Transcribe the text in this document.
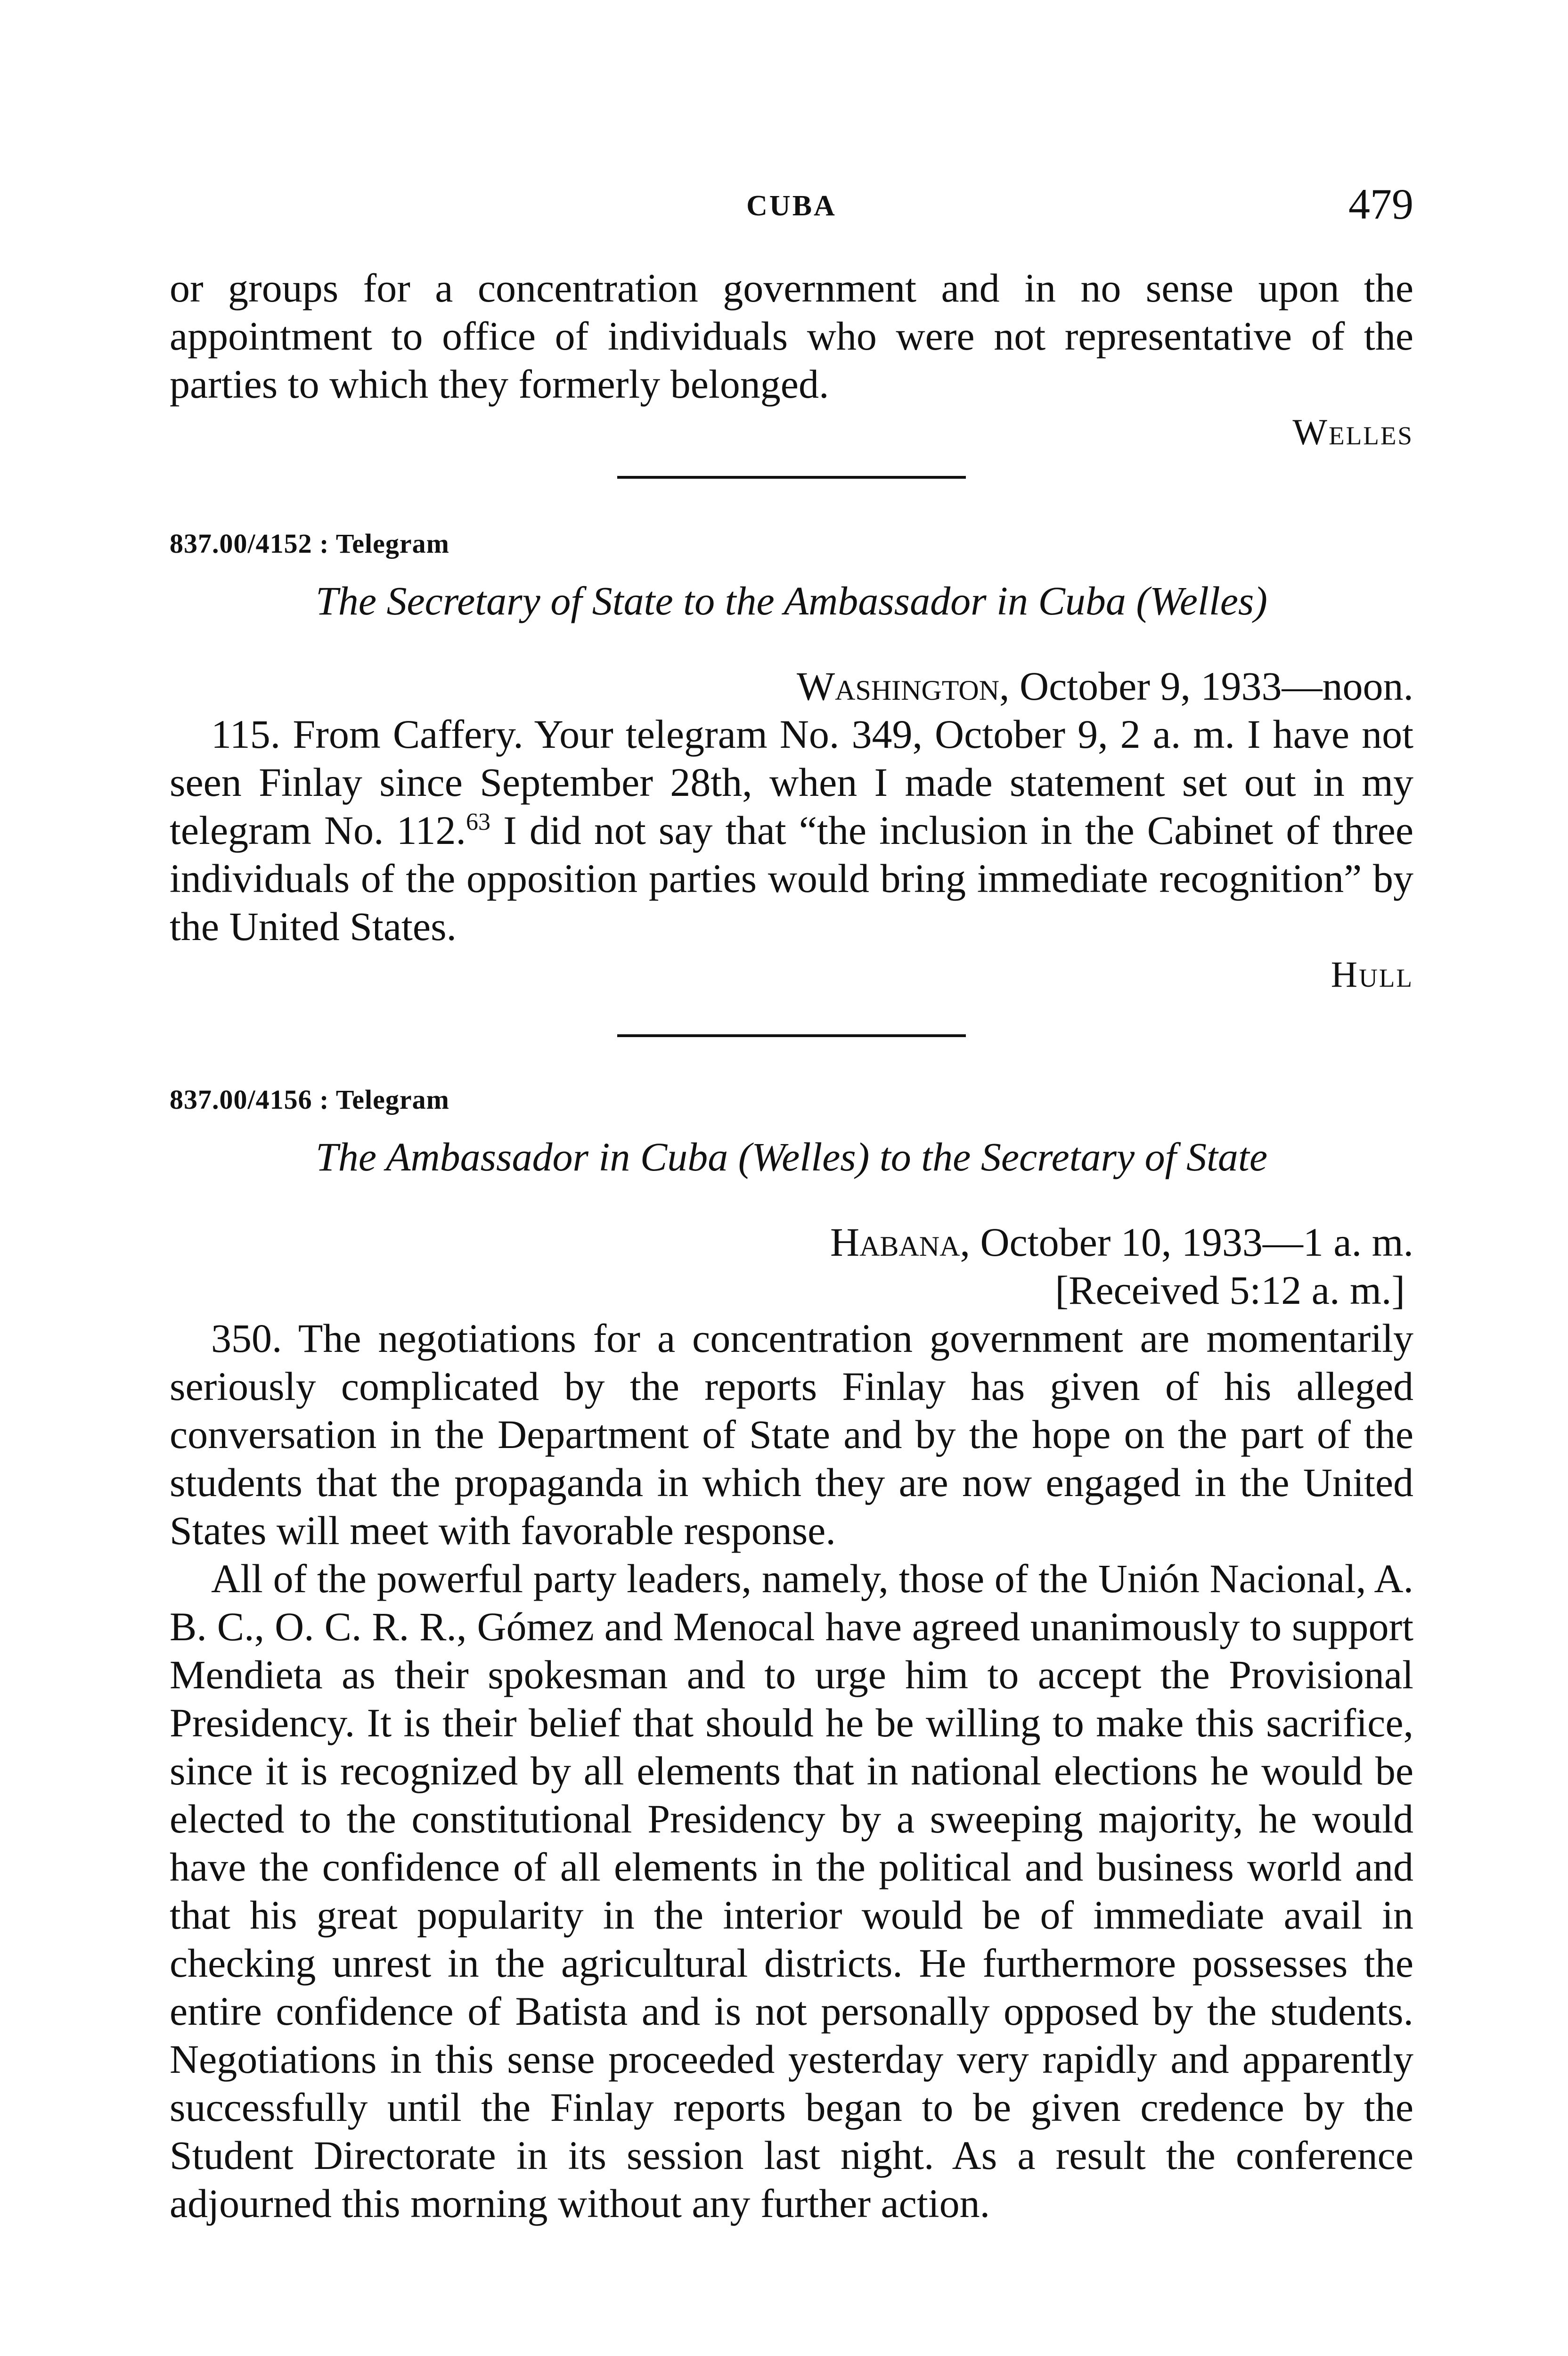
CUBA	479

or groups for a concentration government and in no sense upon the appointment to office of individuals who were not representative of the parties to which they formerly belonged.

Welles

837.00/4152 : Telegram

The Secretary of State to the Ambassador in Cuba (Welles)

Washington, October 9, 1933—noon.

115. From Caffery. Your telegram No. 349, October 9, 2 a. m. I have not seen Finlay since September 28th, when I made statement set out in my telegram No. 112.63 I did not say that “the inclusion in the Cabinet of three individuals of the opposition parties would bring immediate recognition” by the United States.

Hull

837.00/4156 : Telegram

The Ambassador in Cuba (Welles) to the Secretary of State

Habana, October 10, 1933—1 a. m.

[Received 5:12 a. m.]

350. The negotiations for a concentration government are momentarily seriously complicated by the reports Finlay has given of his alleged conversation in the Department of State and by the hope on the part of the students that the propaganda in which they are now engaged in the United States will meet with favorable response.

All of the powerful party leaders, namely, those of the Unión Nacional, A. B. C., O. C. R. R., Gómez and Menocal have agreed unanimously to support Mendieta as their spokesman and to urge him to accept the Provisional Presidency. It is their belief that should he be willing to make this sacrifice, since it is recognized by all elements that in national elections he would be elected to the constitutional Presidency by a sweeping majority, he would have the confidence of all elements in the political and business world and that his great popularity in the interior would be of immediate avail in checking unrest in the agricultural districts. He furthermore possesses the entire confidence of Batista and is not personally opposed by the students. Negotiations in this sense proceeded yesterday very rapidly and apparently successfully until the Finlay reports began to be given credence by the Student Directorate in its session last night. As a result the conference adjourned this morning without any further action.
